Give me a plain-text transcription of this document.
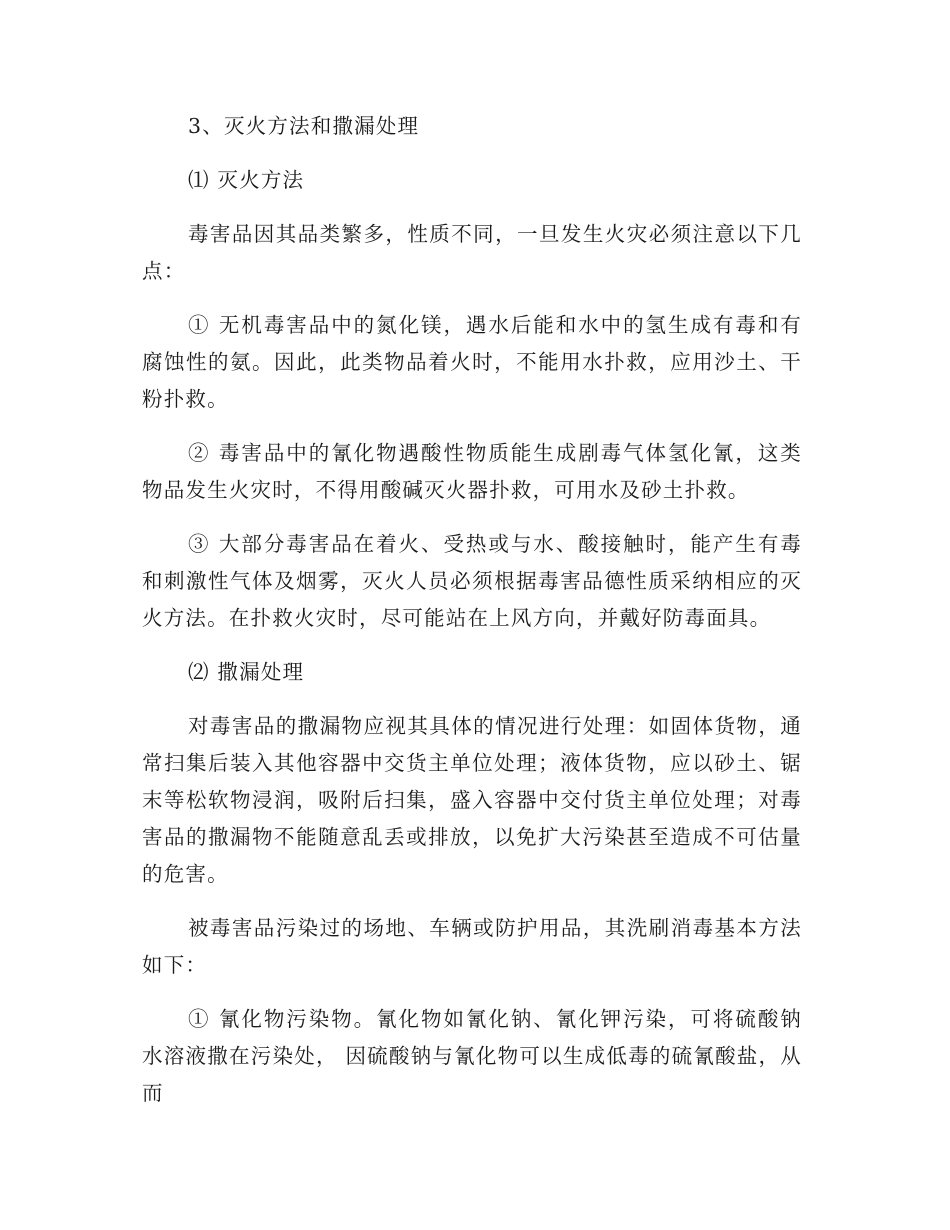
3、灭火方法和撒漏处理

⑴ 灭火方法

毒害品因其品类繁多，性质不同，一旦发生火灾必须注意以下几点：

① 无机毒害品中的氮化镁，遇水后能和水中的氢生成有毒和有腐蚀性的氨。因此，此类物品着火时，不能用水扑救，应用沙土、干粉扑救。

② 毒害品中的氰化物遇酸性物质能生成剧毒气体氢化氰，这类物品发生火灾时，不得用酸碱灭火器扑救，可用水及砂土扑救。

③ 大部分毒害品在着火、受热或与水、酸接触时，能产生有毒和刺激性气体及烟雾，灭火人员必须根据毒害品德性质采纳相应的灭火方法。在扑救火灾时，尽可能站在上风方向，并戴好防毒面具。

⑵ 撒漏处理

对毒害品的撒漏物应视其具体的情况进行处理：如固体货物，通常扫集后装入其他容器中交货主单位处理；液体货物，应以砂土、锯末等松软物浸润，吸附后扫集，盛入容器中交付货主单位处理；对毒害品的撒漏物不能随意乱丢或排放，以免扩大污染甚至造成不可估量的危害。

被毒害品污染过的场地、车辆或防护用品，其洗刷消毒基本方法如下：

① 氰化物污染物。氰化物如氰化钠、氰化钾污染，可将硫酸钠水溶液撒在污染处， 因硫酸钠与氰化物可以生成低毒的硫氰酸盐，从而
